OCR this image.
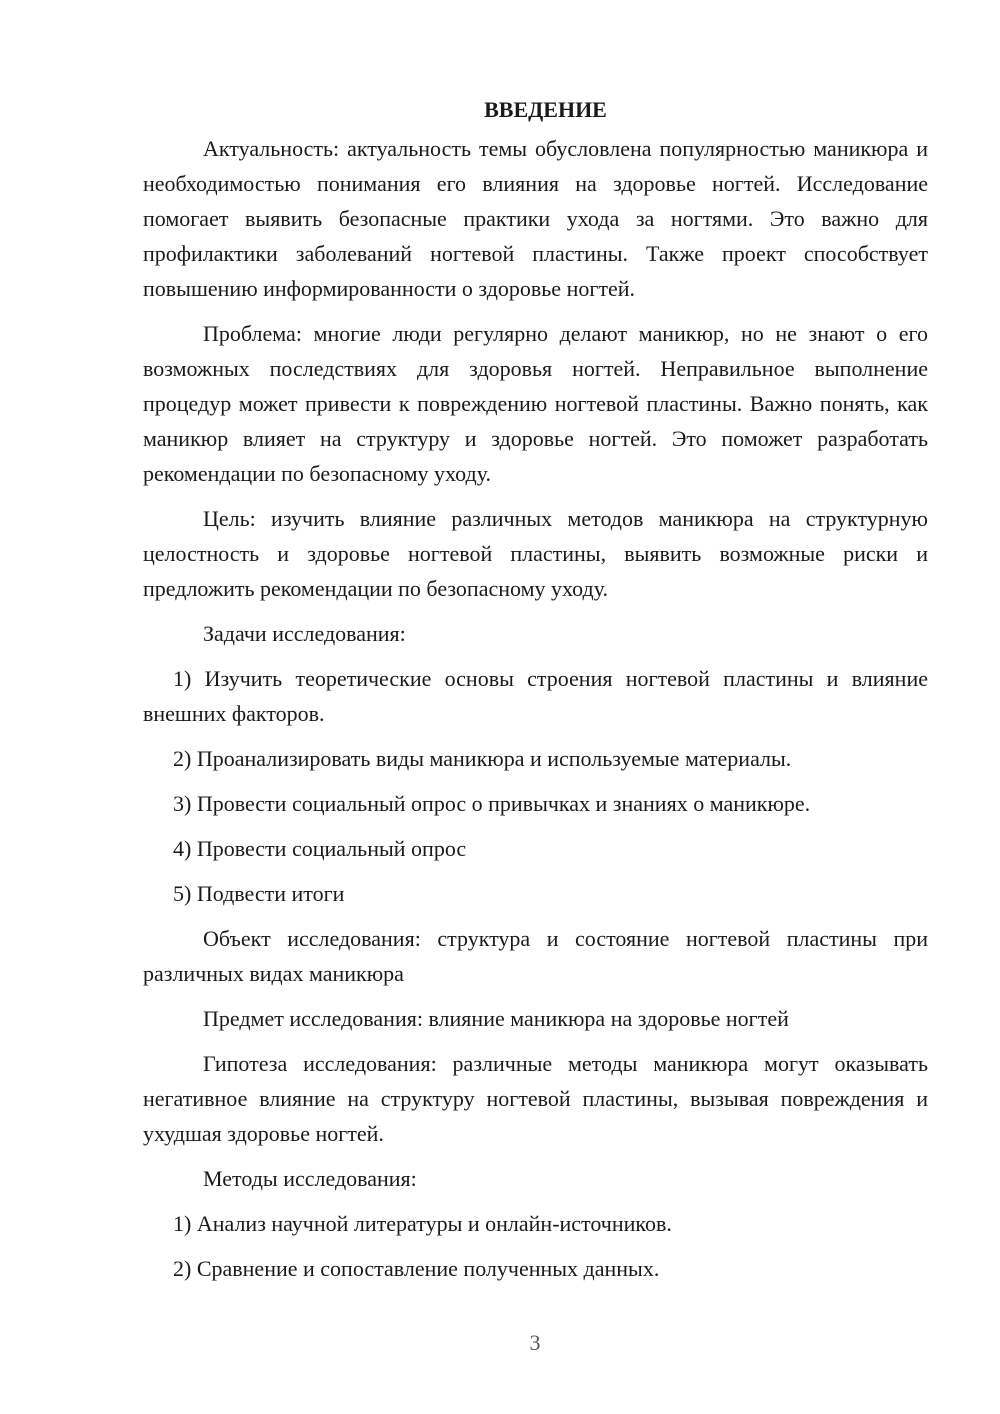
ВВЕДЕНИЕ

Актуальность: актуальность темы обусловлена популярностью маникюра и необходимостью понимания его влияния на здоровье ногтей. Исследование помогает выявить безопасные практики ухода за ногтями. Это важно для профилактики заболеваний ногтевой пластины. Также проект способствует повышению информированности о здоровье ногтей.

Проблема: многие люди регулярно делают маникюр, но не знают о его возможных последствиях для здоровья ногтей. Неправильное выполнение процедур может привести к повреждению ногтевой пластины. Важно понять, как маникюр влияет на структуру и здоровье ногтей. Это поможет разработать рекомендации по безопасному уходу.

Цель: изучить влияние различных методов маникюра на структурную целостность и здоровье ногтевой пластины, выявить возможные риски и предложить рекомендации по безопасному уходу.

Задачи исследования:

1) Изучить теоретические основы строения ногтевой пластины и влияние внешних факторов.

2) Проанализировать виды маникюра и используемые материалы.

3) Провести социальный опрос о привычках и знаниях о маникюре.

4) Провести социальный опрос

5) Подвести итоги

Объект исследования: структура и состояние ногтевой пластины при различных видах маникюра

Предмет исследования: влияние маникюра на здоровье ногтей

Гипотеза исследования: различные методы маникюра могут оказывать негативное влияние на структуру ногтевой пластины, вызывая повреждения и ухудшая здоровье ногтей.

Методы исследования:

1) Анализ научной литературы и онлайн-источников.

2) Сравнение и сопоставление полученных данных.

3
